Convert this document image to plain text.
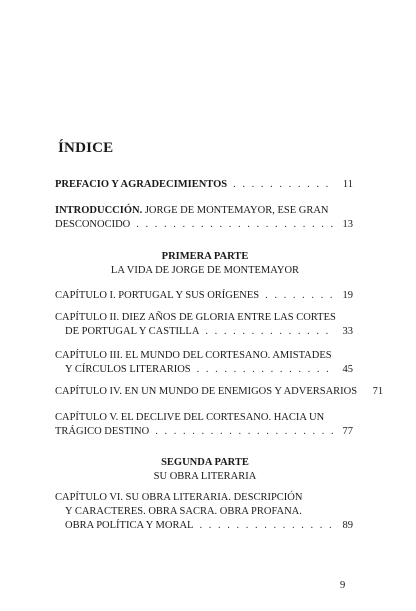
ÍNDICE
PREFACIO Y AGRADECIMIENTOS . . .	11
INTRODUCCIÓN. JORGE DE MONTEMAYOR, ESE GRAN
DESCONOCIDO . . .	13
PRIMERA PARTE
LA VIDA DE JORGE DE MONTEMAYOR
CAPÍTULO I. PORTUGAL Y SUS ORÍGENES . . .	19
CAPÍTULO II. DIEZ AÑOS DE GLORIA ENTRE LAS CORTES
DE PORTUGAL Y CASTILLA . . .	33
CAPÍTULO III. EL MUNDO DEL CORTESANO. AMISTADES
Y CÍRCULOS LITERARIOS . . .	45
CAPÍTULO IV. EN UN MUNDO DE ENEMIGOS Y ADVERSARIOS	71
CAPÍTULO V. EL DECLIVE DEL CORTESANO. HACIA UN
TRÁGICO DESTINO . . .	77
SEGUNDA PARTE
SU OBRA LITERARIA
CAPÍTULO VI. SU OBRA LITERARIA. DESCRIPCIÓN
Y CARACTERES. OBRA SACRA. OBRA PROFANA.
OBRA POLÍTICA Y MORAL . . .	89
9
